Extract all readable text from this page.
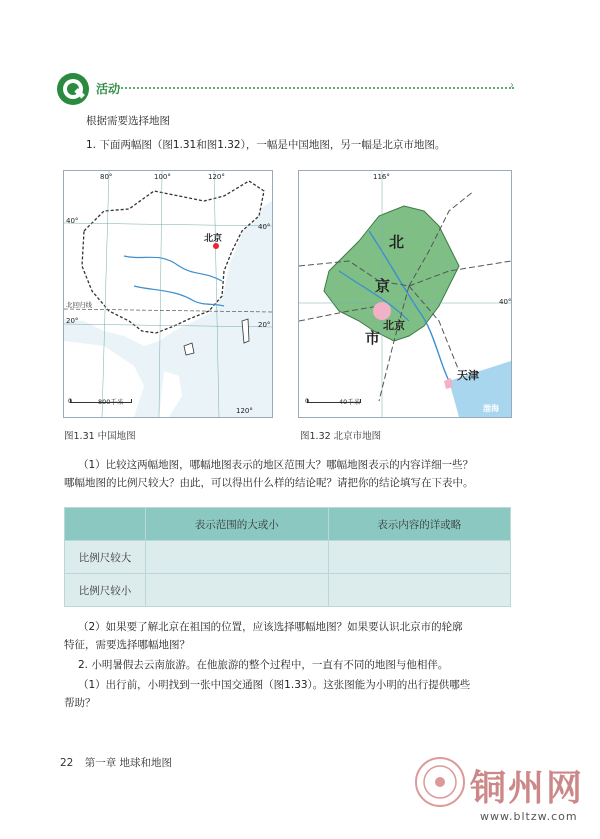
活动	›
根据需要选择地图
1. 下面两幅图（图1.31和图1.32），一幅是中国地图，另一幅是北京市地图。
80°	100°	120°
40°
20°
40°
20°
120°
北京
北回归线
0	800千米
图1.31 中国地图
116°
40°
北
京
市
北京
天津
渤海
0	40千米
图1.32 北京市地图
（1）比较这两幅地图，哪幅地图表示的地区范围大？哪幅地图表示的内容详细一些？
哪幅地图的比例尺较大？由此，可以得出什么样的结论呢？请把你的结论填写在下表中。
	表示范围的大或小	表示内容的详或略
比例尺较大		
比例尺较小		
（2）如果要了解北京在祖国的位置，应该选择哪幅地图？如果要认识北京市的轮廓
特征，需要选择哪幅地图？
2. 小明暑假去云南旅游。在他旅游的整个过程中，一直有不同的地图与他相伴。
（1）出行前，小明找到一张中国交通图（图1.33）。这张图能为小明的出行提供哪些
帮助？
22 第一章 地球和地图
铜州网
www.bltzw.com
